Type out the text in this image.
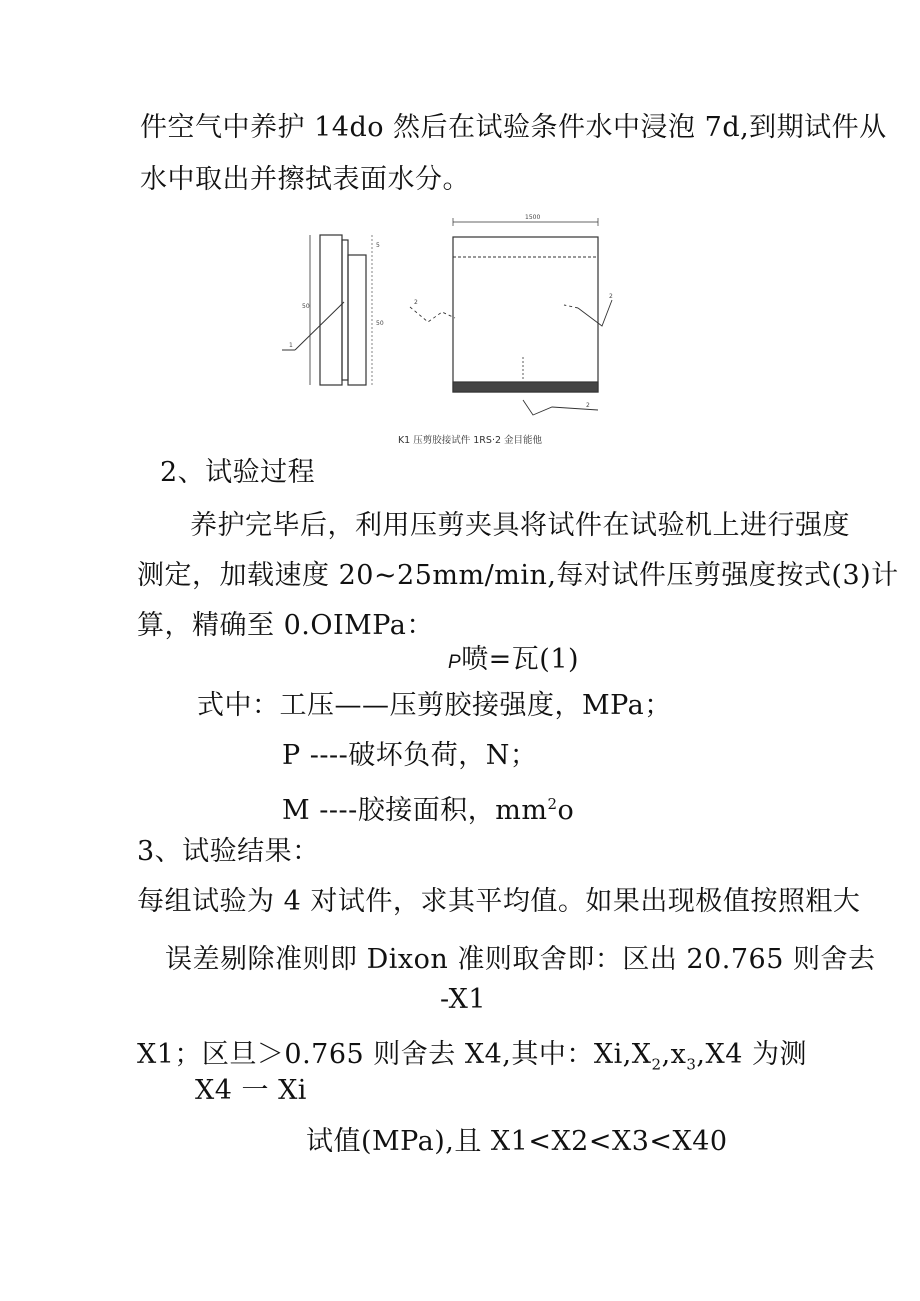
件空气中养护 14do 然后在试验条件水中浸泡 7d,到期试件从
水中取出并擦拭表面水分。
1500
5
50
50
1
2
2
2
K1 压剪胶接试件 1RS·2 金目能他
2、试验过程
养护完毕后，利用压剪夹具将试件在试验机上进行强度
测定，加载速度 20~25mm/min,每对试件压剪强度按式(3)计
算，精确至 0.OIMPa：
P喷=瓦(1)
式中：工压——压剪胶接强度，MPa；
P ----破坏负荷，N；
M ----胶接面积，$mm^2o$
3、试验结果：
每组试验为 4 对试件，求其平均值。如果出现极值按照粗大
误差剔除准则即 Dixon 准则取舍即：区出 20.765 则舍去
-X1
X1；区旦＞0.765 则舍去 X4,其中：$Xi,X_2,x_3,X4$ 为测
X4 一 Xi
试值(MPa),且 X1<X2<X3<X40
